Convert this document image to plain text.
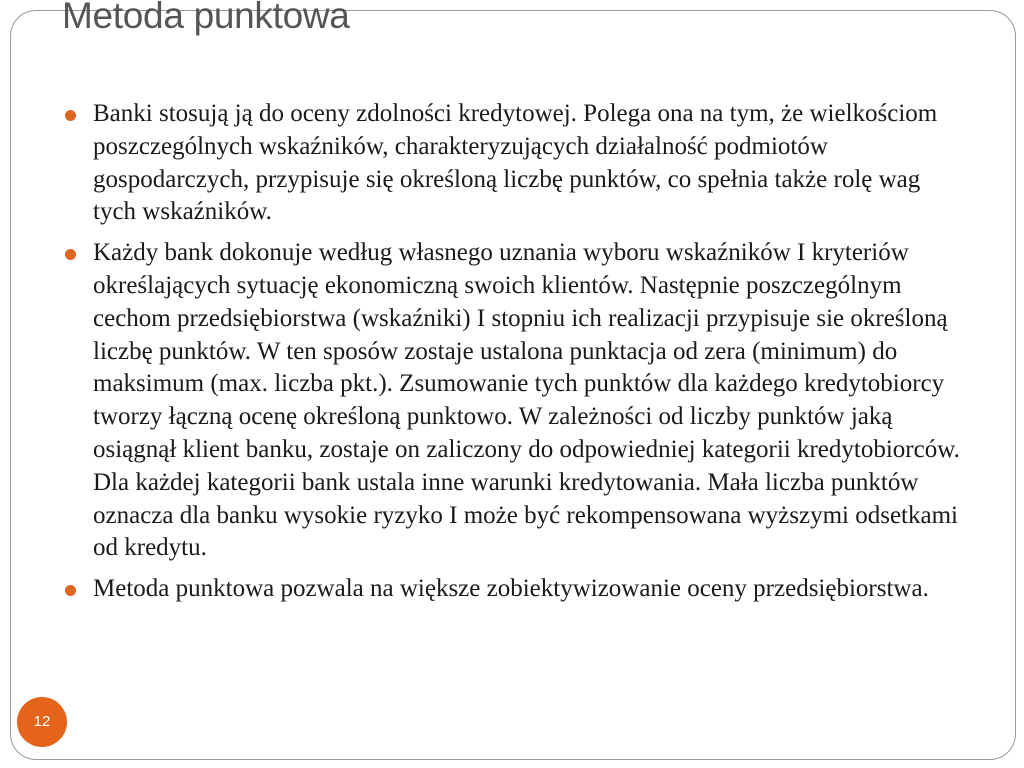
Metoda punktowa
Banki stosują ją do oceny zdolności kredytowej. Polega ona na tym, że wielkościom poszczególnych wskaźników, charakteryzujących działalność podmiotów gospodarczych, przypisuje się określoną liczbę punktów, co spełnia także rolę wag tych wskaźników.
Każdy bank dokonuje według własnego uznania wyboru wskaźników I kryteriów określających sytuację ekonomiczną swoich klientów. Następnie poszczególnym cechom przedsiębiorstwa (wskaźniki) I stopniu ich realizacji przypisuje sie określoną liczbę punktów. W ten sposów zostaje ustalona punktacja od zera (minimum) do maksimum (max. liczba pkt.). Zsumowanie tych punktów dla każdego kredytobiorcy tworzy łączną ocenę określoną punktowo. W zależności od liczby punktów jaką osiągnął klient banku, zostaje on zaliczony do odpowiedniej kategorii kredytobiorców. Dla każdej kategorii bank ustala inne warunki kredytowania. Mała liczba punktów oznacza dla banku wysokie ryzyko I może być rekompensowana wyższymi odsetkami od kredytu.
Metoda punktowa pozwala na większe zobiektywizowanie oceny przedsiębiorstwa.
12
